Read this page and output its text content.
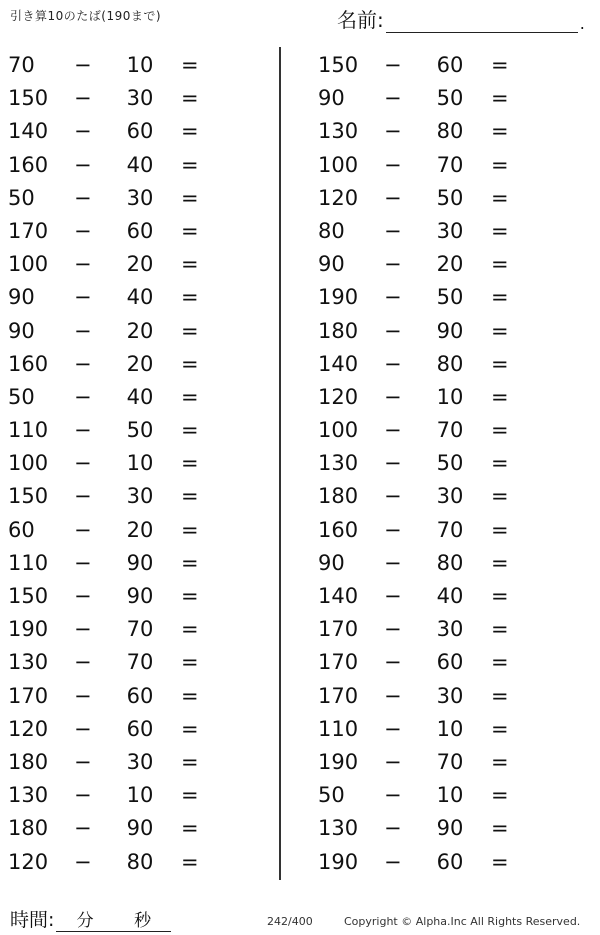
引き算10のたば(190まで)	名前:	.
70	−	10	=
150	−	30	=
140	−	60	=
160	−	40	=
50	−	30	=
170	−	60	=
100	−	20	=
90	−	40	=
90	−	20	=
160	−	20	=
50	−	40	=
110	−	50	=
100	−	10	=
150	−	30	=
60	−	20	=
110	−	90	=
150	−	90	=
190	−	70	=
130	−	70	=
170	−	60	=
120	−	60	=
180	−	30	=
130	−	10	=
180	−	90	=
120	−	80	=
150	−	60	=
90	−	50	=
130	−	80	=
100	−	70	=
120	−	50	=
80	−	30	=
90	−	20	=
190	−	50	=
180	−	90	=
140	−	80	=
120	−	10	=
100	−	70	=
130	−	50	=
180	−	30	=
160	−	70	=
90	−	80	=
140	−	40	=
170	−	30	=
170	−	60	=
170	−	30	=
110	−	10	=
190	−	70	=
50	−	10	=
130	−	90	=
190	−	60	=
時間: 分 秒	242/400	Copyright © Alpha.Inc All Rights Reserved.
